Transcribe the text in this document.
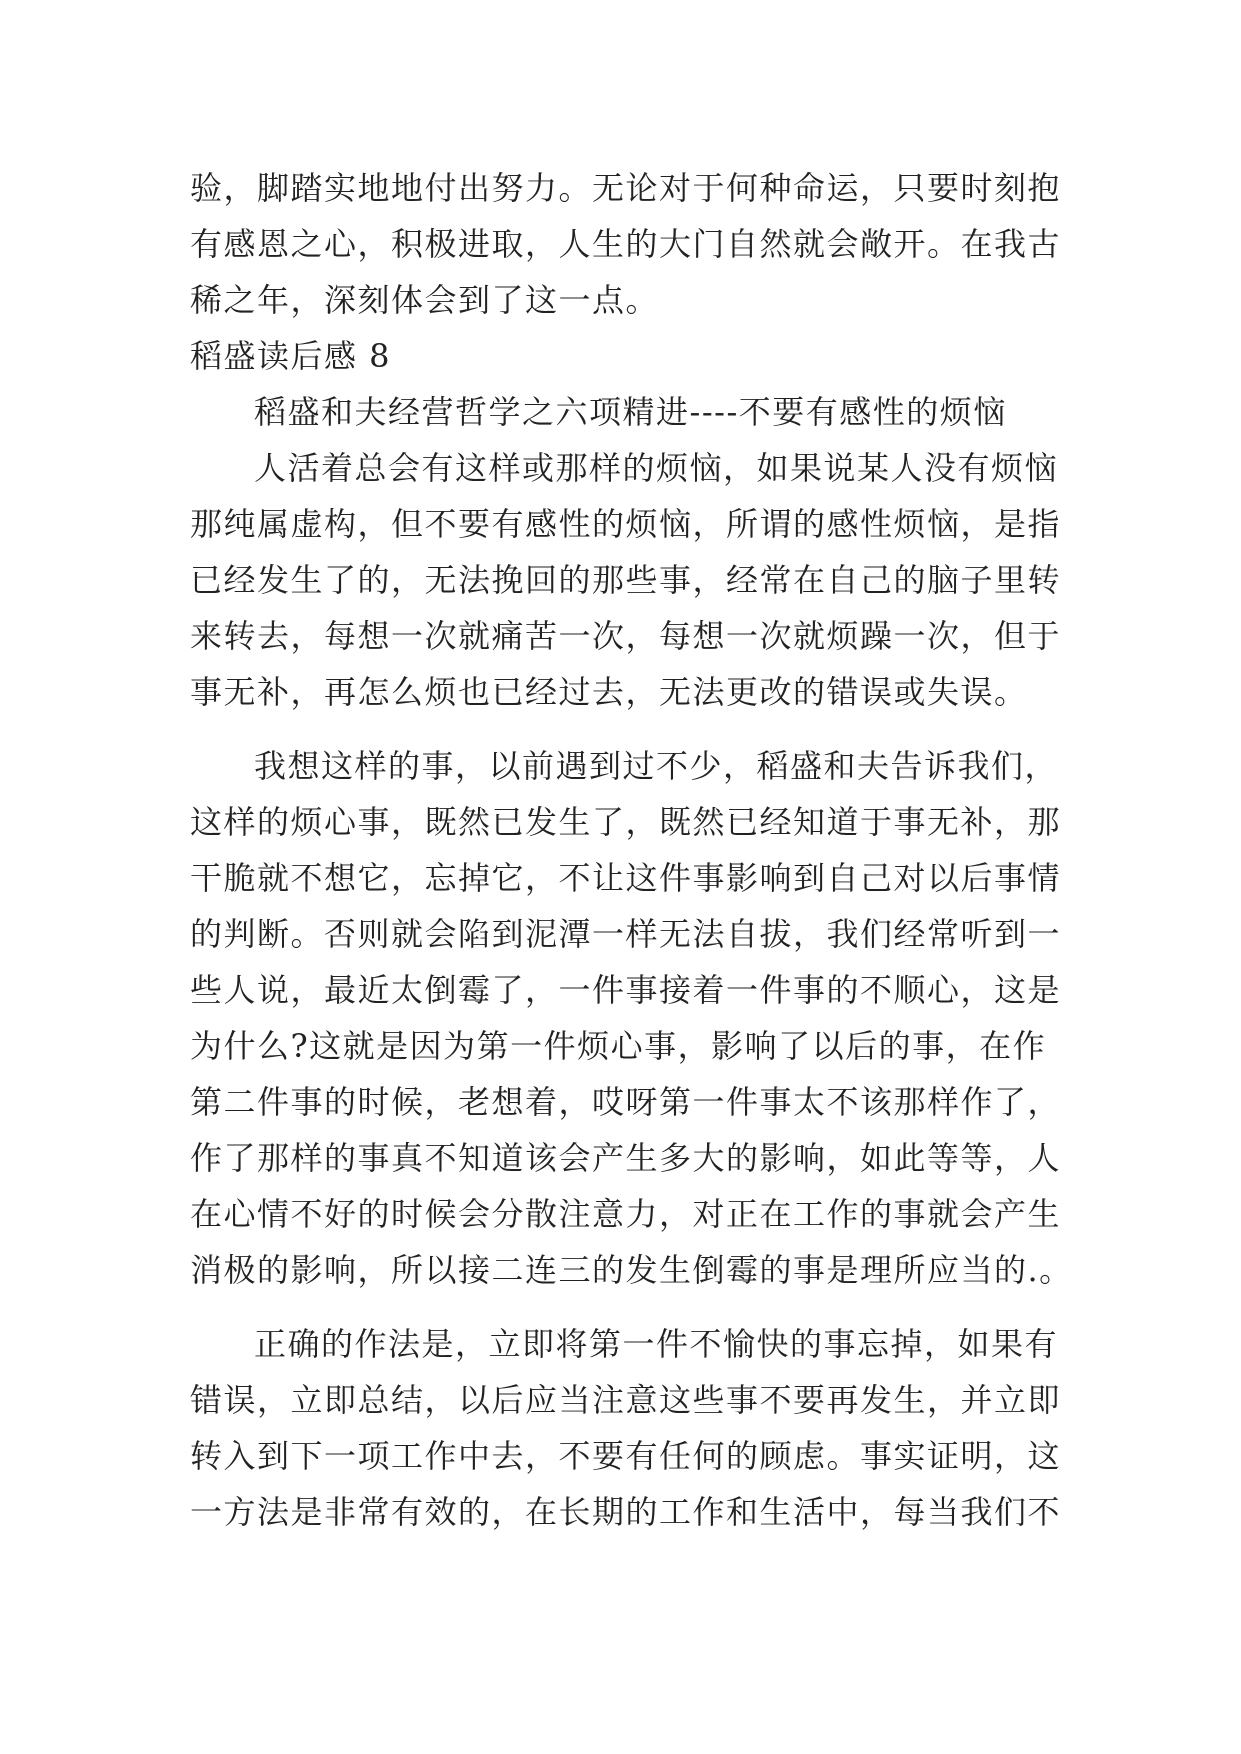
验，脚踏实地地付出努力。无论对于何种命运，只要时刻抱
有感恩之心，积极进取，人生的大门自然就会敞开。在我古
稀之年，深刻体会到了这一点。
稻盛读后感 8
稻盛和夫经营哲学之六项精进----不要有感性的烦恼
人活着总会有这样或那样的烦恼，如果说某人没有烦恼
那纯属虚构，但不要有感性的烦恼，所谓的感性烦恼，是指
已经发生了的，无法挽回的那些事，经常在自己的脑子里转
来转去，每想一次就痛苦一次，每想一次就烦躁一次，但于
事无补，再怎么烦也已经过去，无法更改的错误或失误。
我想这样的事，以前遇到过不少，稻盛和夫告诉我们，
这样的烦心事，既然已发生了，既然已经知道于事无补，那
干脆就不想它，忘掉它，不让这件事影响到自己对以后事情
的判断。否则就会陷到泥潭一样无法自拔，我们经常听到一
些人说，最近太倒霉了，一件事接着一件事的不顺心，这是
为什么?这就是因为第一件烦心事，影响了以后的事，在作
第二件事的时候，老想着，哎呀第一件事太不该那样作了，
作了那样的事真不知道该会产生多大的影响，如此等等，人
在心情不好的时候会分散注意力，对正在工作的事就会产生
消极的影响，所以接二连三的发生倒霉的事是理所应当的.。
正确的作法是，立即将第一件不愉快的事忘掉，如果有
错误，立即总结，以后应当注意这些事不要再发生，并立即
转入到下一项工作中去，不要有任何的顾虑。事实证明，这
一方法是非常有效的，在长期的工作和生活中，每当我们不
